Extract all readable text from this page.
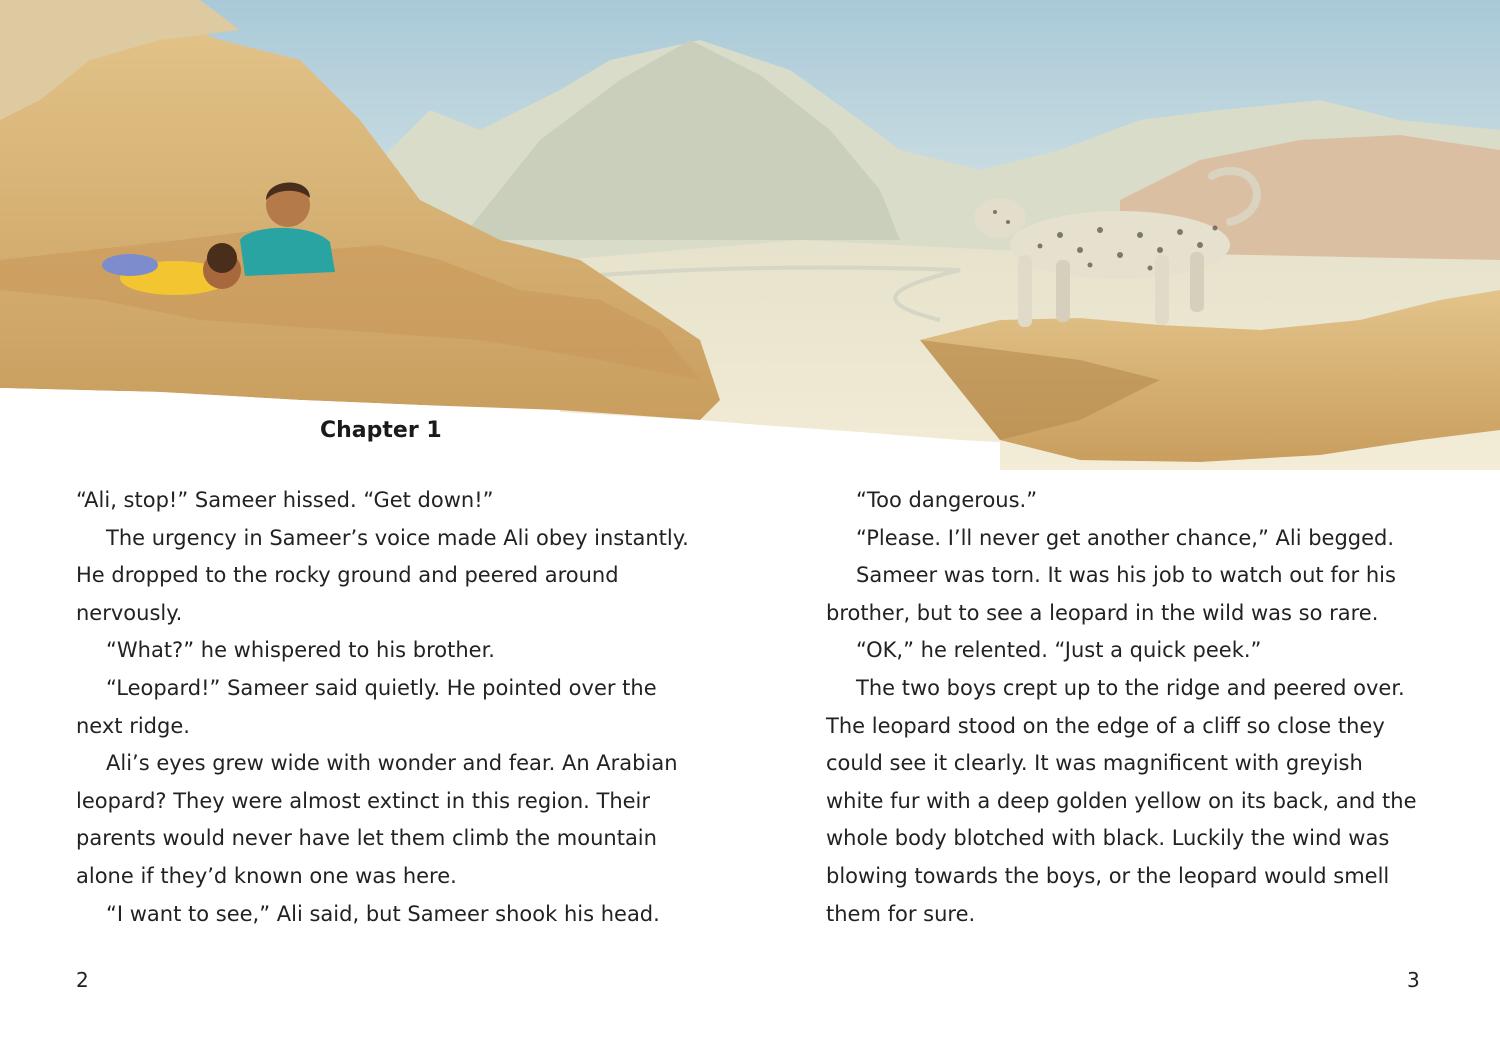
Chapter 1

“Ali, stop!” Sameer hissed. “Get down!”

The urgency in Sameer’s voice made Ali obey instantly. He dropped to the rocky ground and peered around nervously.

“What?” he whispered to his brother.

“Leopard!” Sameer said quietly. He pointed over the next ridge.

Ali’s eyes grew wide with wonder and fear. An Arabian leopard? They were almost extinct in this region. Their parents would never have let them climb the mountain alone if they’d known one was here.

“I want to see,” Ali said, but Sameer shook his head.

“Too dangerous.”

“Please. I’ll never get another chance,” Ali begged.

Sameer was torn. It was his job to watch out for his brother, but to see a leopard in the wild was so rare.

“OK,” he relented. “Just a quick peek.”

The two boys crept up to the ridge and peered over. The leopard stood on the edge of a cliff so close they could see it clearly. It was magnificent with greyish white fur with a deep golden yellow on its back, and the whole body blotched with black. Luckily the wind was blowing towards the boys, or the leopard would smell them for sure.

2	3
